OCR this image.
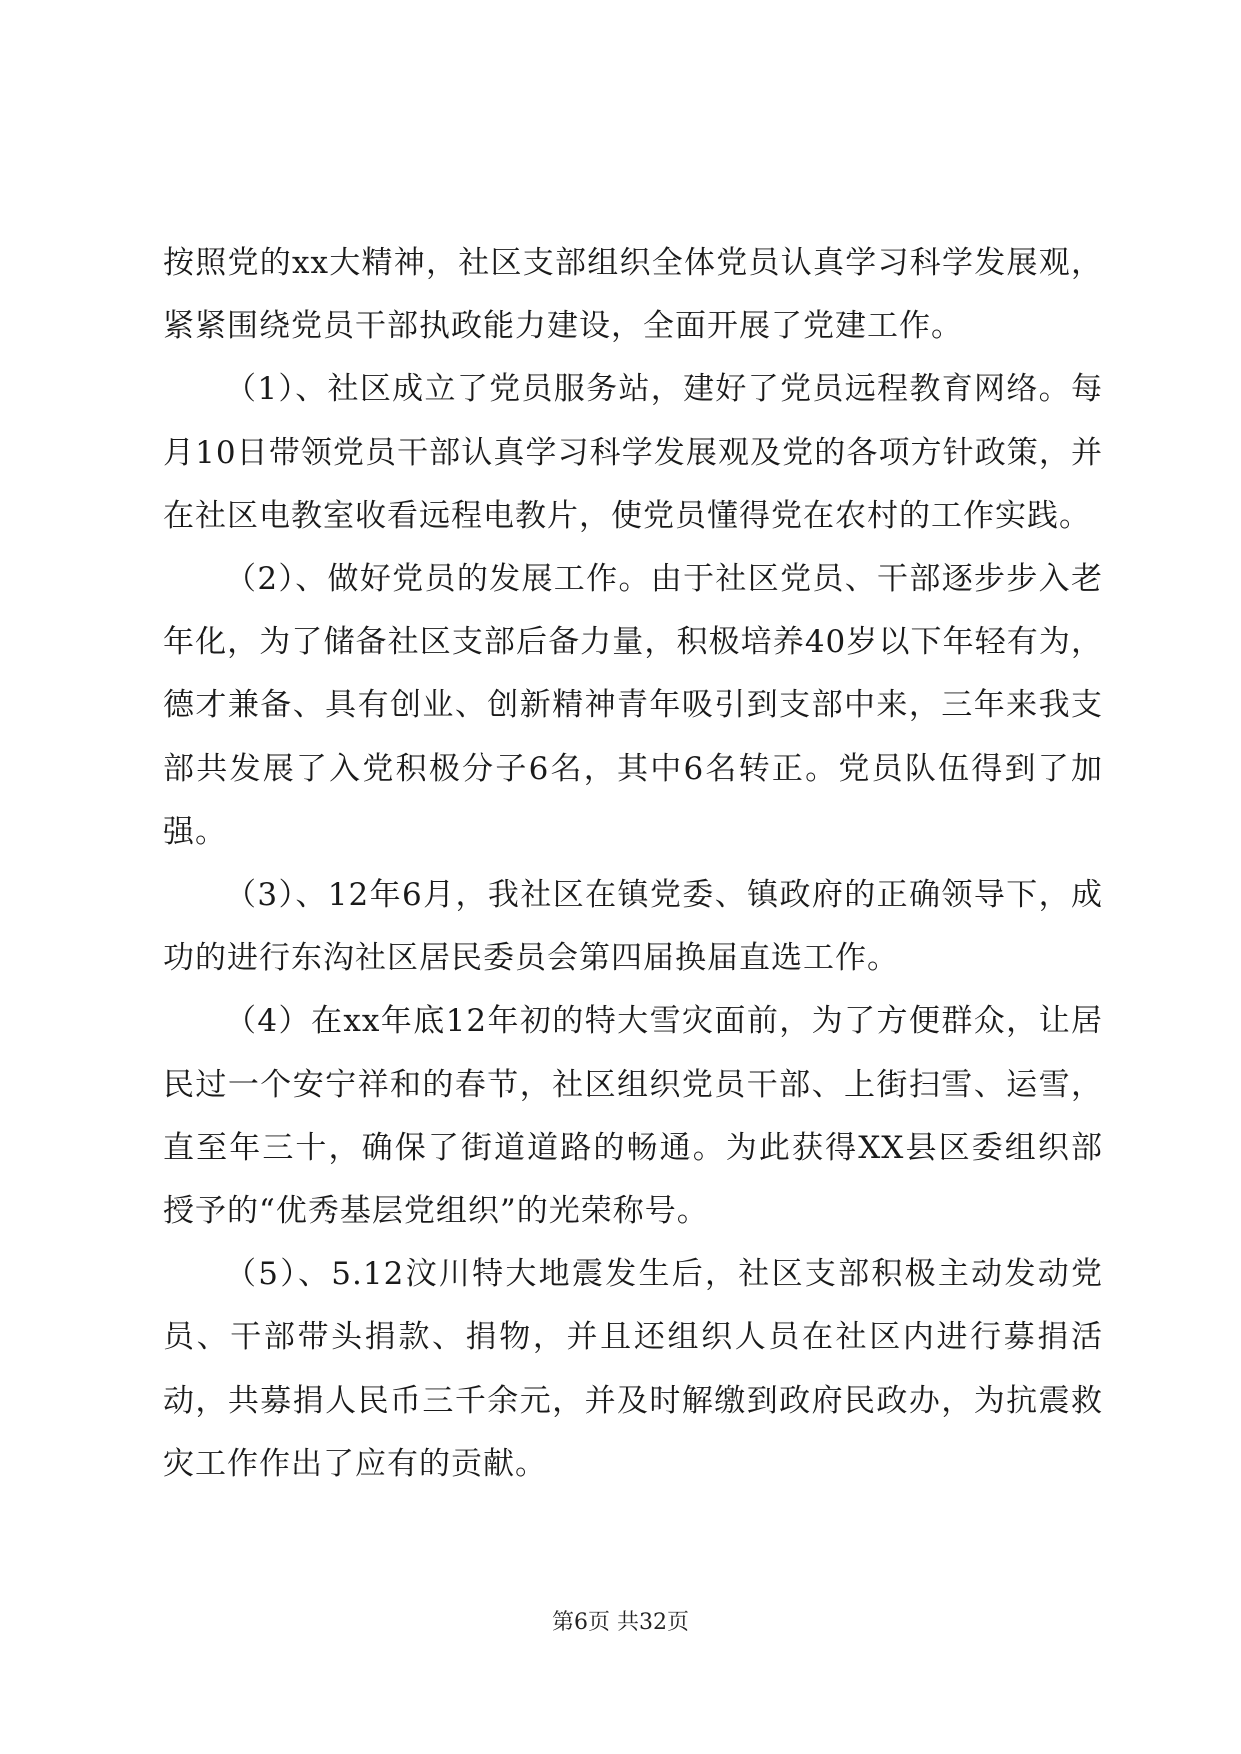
按照党的xx大精神，社区支部组织全体党员认真学习科学发展观，紧紧围绕党员干部执政能力建设，全面开展了党建工作。

（1）、社区成立了党员服务站，建好了党员远程教育网络。每月10日带领党员干部认真学习科学发展观及党的各项方针政策，并在社区电教室收看远程电教片，使党员懂得党在农村的工作实践。

（2）、做好党员的发展工作。由于社区党员、干部逐步步入老年化，为了储备社区支部后备力量，积极培养40岁以下年轻有为，德才兼备、具有创业、创新精神青年吸引到支部中来，三年来我支部共发展了入党积极分子6名，其中6名转正。党员队伍得到了加强。

（3）、12年6月，我社区在镇党委、镇政府的正确领导下，成功的进行东沟社区居民委员会第四届换届直选工作。

（4）在xx年底12年初的特大雪灾面前，为了方便群众，让居民过一个安宁祥和的春节，社区组织党员干部、上街扫雪、运雪，直至年三十，确保了街道道路的畅通。为此获得XX县区委组织部授予的“优秀基层党组织”的光荣称号。

（5）、5.12汶川特大地震发生后，社区支部积极主动发动党员、干部带头捐款、捐物，并且还组织人员在社区内进行募捐活动，共募捐人民币三千余元，并及时解缴到政府民政办，为抗震救灾工作作出了应有的贡献。

第6页 共32页
